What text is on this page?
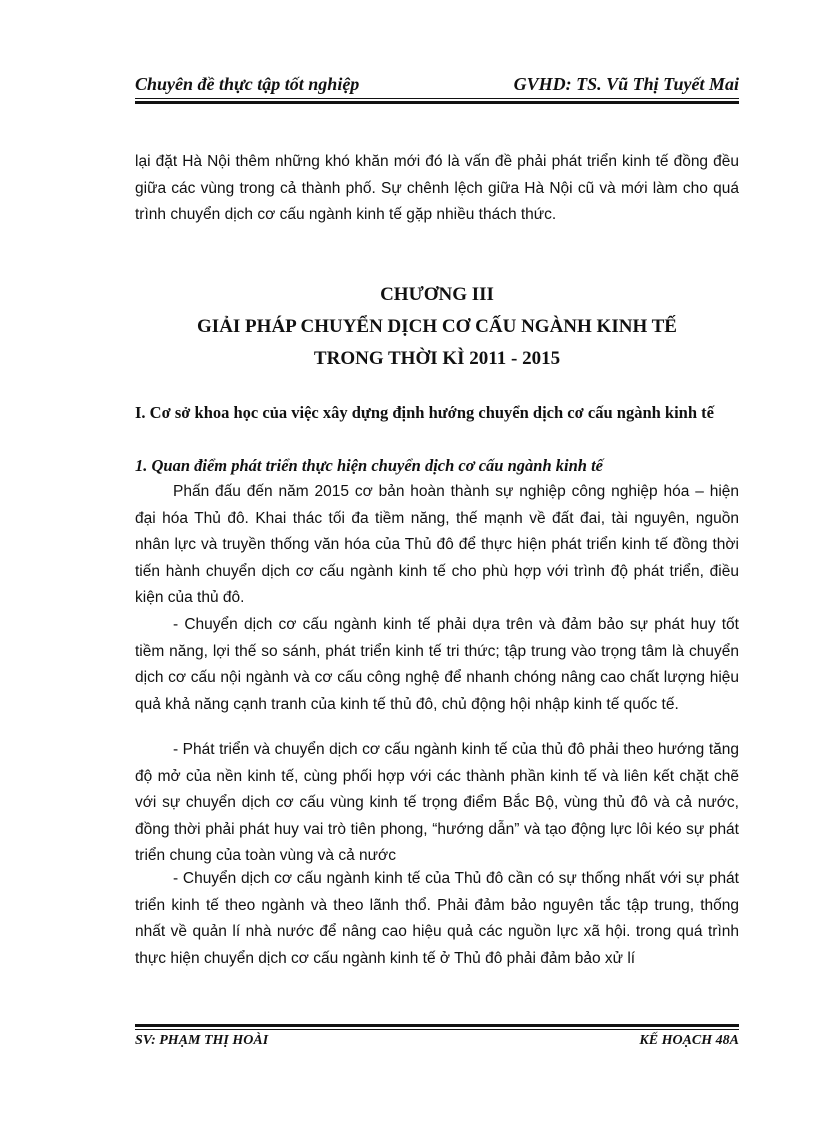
Chuyên đề thực tập tốt nghiệp	GVHD: TS. Vũ Thị Tuyết Mai

lại đặt Hà Nội thêm những khó khăn mới đó là vấn đề phải phát triển kinh tế đồng đều giữa các vùng trong cả thành phố. Sự chênh lệch giữa Hà Nội cũ và mới làm cho quá trình chuyển dịch cơ cấu ngành kinh tế gặp nhiều thách thức.

CHƯƠNG III

GIẢI PHÁP CHUYỂN DỊCH CƠ CẤU NGÀNH KINH TẾ

TRONG THỜI KÌ 2011 - 2015

I. Cơ sở khoa học của việc xây dựng định hướng chuyển dịch cơ cấu ngành kinh tế

1. Quan điểm phát triển thực hiện chuyển dịch cơ cấu ngành kinh tế

Phấn đấu đến năm 2015 cơ bản hoàn thành sự nghiệp công nghiệp hóa – hiện đại hóa Thủ đô. Khai thác tối đa tiềm năng, thế mạnh về đất đai, tài nguyên, nguồn nhân lực và truyền thống văn hóa của Thủ đô để thực hiện phát triển kinh tế đồng thời tiến hành chuyển dịch cơ cấu ngành kinh tế cho phù hợp với trình độ phát triển, điều kiện của thủ đô.

- Chuyển dịch cơ cấu ngành kinh tế phải dựa trên và đảm bảo sự phát huy tốt tiềm năng, lợi thế so sánh, phát triển kinh tế tri thức; tập trung vào trọng tâm là chuyển dịch cơ cấu nội ngành và cơ cấu công nghệ để nhanh chóng nâng cao chất lượng hiệu quả khả năng cạnh tranh của kinh tế thủ đô, chủ động hội nhập kinh tế quốc tế.

- Phát triển và chuyển dịch cơ cấu ngành kinh tế của thủ đô phải theo hướng tăng độ mở của nền kinh tế, cùng phối hợp với các thành phần kinh tế và liên kết chặt chẽ với sự chuyển dịch cơ cấu vùng kinh tế trọng điểm Bắc Bộ, vùng thủ đô và cả nước, đồng thời phải phát huy vai trò tiên phong, “hướng dẫn” và tạo động lực lôi kéo sự phát triển chung của toàn vùng và cả nước

- Chuyển dịch cơ cấu ngành kinh tế của Thủ đô cần có sự thống nhất với sự phát triển kinh tế theo ngành và theo lãnh thổ. Phải đảm bảo nguyên tắc tập trung, thống nhất về quản lí nhà nước để nâng cao hiệu quả các nguồn lực xã hội. trong quá trình thực hiện chuyển dịch cơ cấu ngành kinh tế ở Thủ đô phải đảm bảo xử lí

SV: PHẠM THỊ HOÀI	KẾ HOẠCH 48A
